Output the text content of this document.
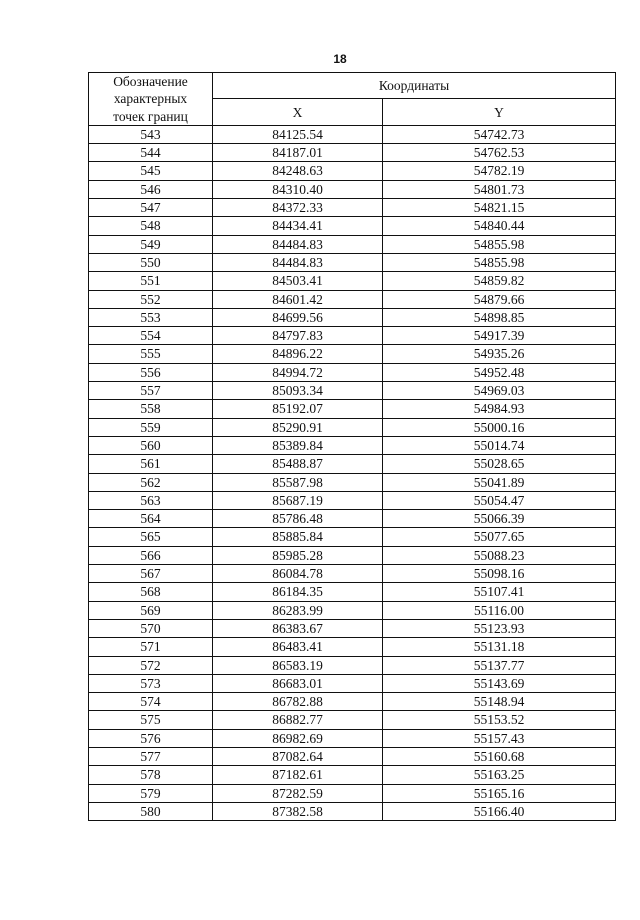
18
Обозначение
характерных
точек границ	Координаты	
	X	Y
543	84125.54	54742.73
544	84187.01	54762.53
545	84248.63	54782.19
546	84310.40	54801.73
547	84372.33	54821.15
548	84434.41	54840.44
549	84484.83	54855.98
550	84484.83	54855.98
551	84503.41	54859.82
552	84601.42	54879.66
553	84699.56	54898.85
554	84797.83	54917.39
555	84896.22	54935.26
556	84994.72	54952.48
557	85093.34	54969.03
558	85192.07	54984.93
559	85290.91	55000.16
560	85389.84	55014.74
561	85488.87	55028.65
562	85587.98	55041.89
563	85687.19	55054.47
564	85786.48	55066.39
565	85885.84	55077.65
566	85985.28	55088.23
567	86084.78	55098.16
568	86184.35	55107.41
569	86283.99	55116.00
570	86383.67	55123.93
571	86483.41	55131.18
572	86583.19	55137.77
573	86683.01	55143.69
574	86782.88	55148.94
575	86882.77	55153.52
576	86982.69	55157.43
577	87082.64	55160.68
578	87182.61	55163.25
579	87282.59	55165.16
580	87382.58	55166.40
